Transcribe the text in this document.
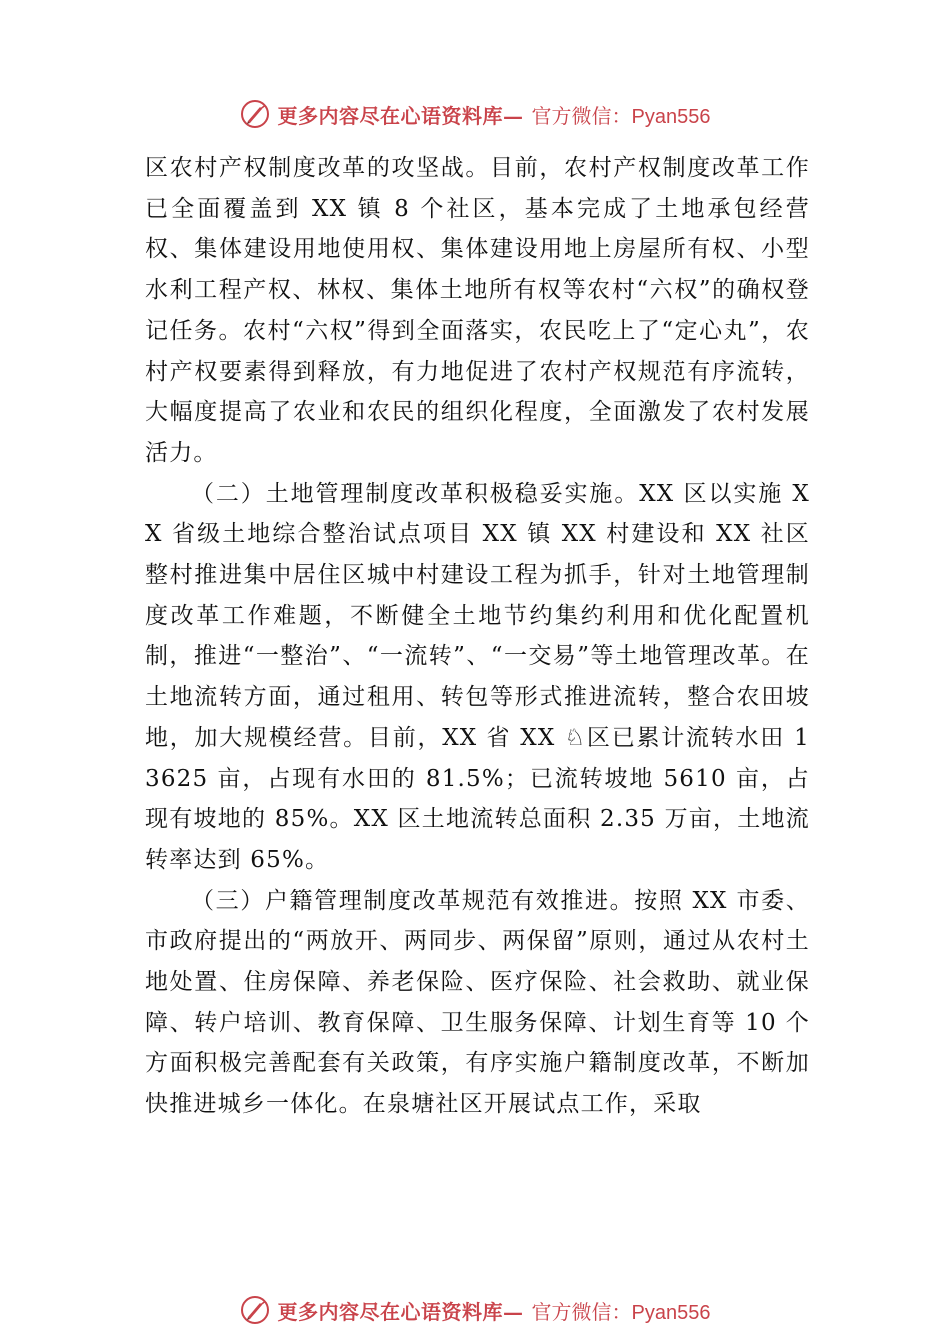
更多内容尽在心语资料库— 官方微信：Pyan556

区农村产权制度改革的攻坚战。目前，农村产权制度改革工作已全面覆盖到 XX 镇 8 个社区，基本完成了土地承包经营权、集体建设用地使用权、集体建设用地上房屋所有权、小型水利工程产权、林权、集体土地所有权等农村“六权”的确权登记任务。农村“六权”得到全面落实，农民吃上了“定心丸”，农村产权要素得到释放，有力地促进了农村产权规范有序流转，大幅度提高了农业和农民的组织化程度，全面激发了农村发展活力。

（二）土地管理制度改革积极稳妥实施。XX 区以实施 XX 省级土地综合整治试点项目 XX 镇 XX 村建设和 XX 社区整村推进集中居住区城中村建设工程为抓手，针对土地管理制度改革工作难题，不断健全土地节约集约利用和优化配置机制，推进“一整治”、“一流转”、“一交易”等土地管理改革。在土地流转方面，通过租用、转包等形式推进流转，整合农田坡地，加大规模经营。目前，XX 省 XX ♘区已累计流转水田 13625 亩，占现有水田的 81.5%；已流转坡地 5610 亩，占现有坡地的 85%。XX 区土地流转总面积 2.35 万亩，土地流转率达到 65%。

（三）户籍管理制度改革规范有效推进。按照 XX 市委、市政府提出的“两放开、两同步、两保留”原则，通过从农村土地处置、住房保障、养老保险、医疗保险、社会救助、就业保障、转户培训、教育保障、卫生服务保障、计划生育等 10 个方面积极完善配套有关政策，有序实施户籍制度改革，不断加快推进城乡一体化。在泉塘社区开展试点工作，采取

更多内容尽在心语资料库— 官方微信：Pyan556
